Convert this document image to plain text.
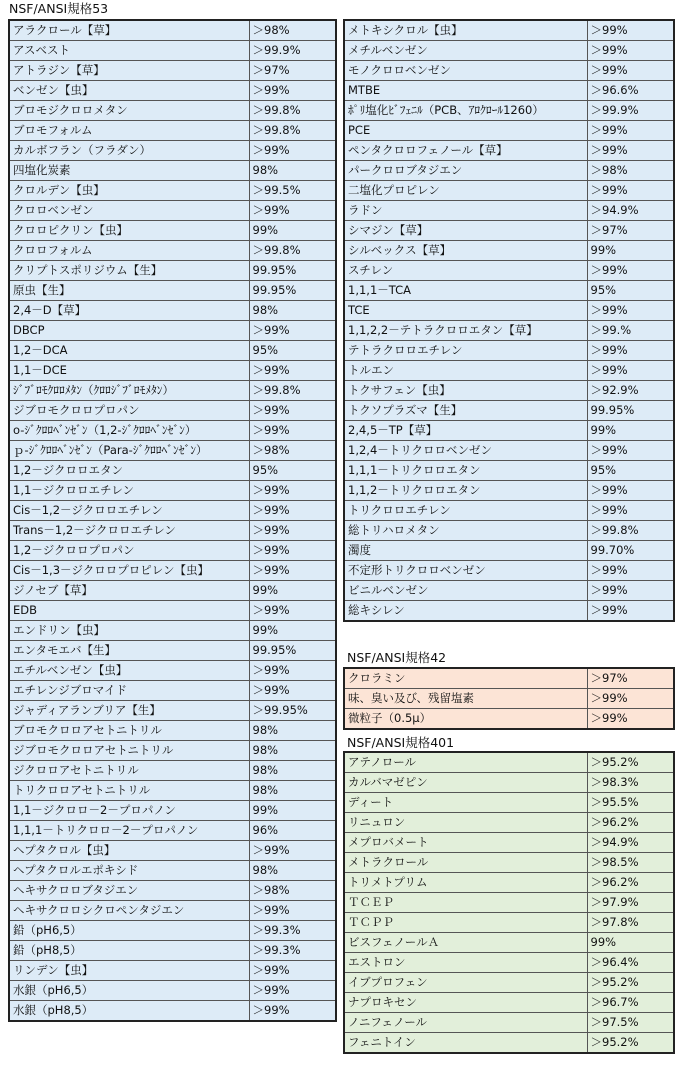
NSF/ANSI規格53
アラクロール【草】	＞98%
アスベスト	＞99.9%
アトラジン【草】	＞97%
ベンゼン【虫】	＞99%
ブロモジクロロメタン	＞99.8%
ブロモフォルム	＞99.8%
カルボフラン（フラダン）	＞99%
四塩化炭素	98%
クロルデン【虫】	＞99.5%
クロロベンゼン	＞99%
クロロピクリン【虫】	99%
クロロフォルム	＞99.8%
クリプトスポリジウム【生】	99.95%
原虫【生】	99.95%
2,4－D【草】	98%
DBCP	＞99%
1,2－DCA	95%
1,1－DCE	＞99%
ｼﾞﾌﾞﾛﾓｸﾛﾛﾒﾀﾝ（ｸﾛﾛｼﾞﾌﾞﾛﾓﾒﾀﾝ）	＞99.8%
ジブロモクロロプロパン	＞99%
o-ｼﾞｸﾛﾛﾍﾞﾝｾﾞﾝ（1,2-ｼﾞｸﾛﾛﾍﾞﾝｾﾞﾝ）	＞99%
ｐ-ｼﾞｸﾛﾛﾍﾞﾝｾﾞﾝ（Para-ｼﾞｸﾛﾛﾍﾞﾝｾﾞﾝ）	＞98%
1,2－ジクロロエタン	95%
1,1－ジクロロエチレン	＞99%
Cis－1,2－ジクロロエチレン	＞99%
Trans－1,2－ジクロロエチレン	＞99%
1,2－ジクロロプロパン	＞99%
Cis－1,3－ジクロロプロピレン【虫】	＞99%
ジノセブ【草】	99%
EDB	＞99%
エンドリン【虫】	99%
エンタモエバ【生】	99.95%
エチルベンゼン【虫】	＞99%
エチレンジブロマイド	＞99%
ジャディアランブリア【生】	＞99.95%
ブロモクロロアセトニトリル	98%
ジブロモクロロアセトニトリル	98%
ジクロロアセトニトリル	98%
トリクロロアセトニトリル	98%
1,1－ジクロロ－2－プロパノン	99%
1,1,1－トリクロロ－2－プロパノン	96%
ヘプタクロル【虫】	＞99%
ヘプタクロルエポキシド	98%
ヘキサクロロブタジエン	＞98%
ヘキサクロロシクロペンタジエン	＞99%
鉛（pH6,5）	＞99.3%
鉛（pH8,5）	＞99.3%
リンデン【虫】	＞99%
水銀（pH6,5）	＞99%
水銀（pH8,5）	＞99%
メトキシクロル【虫】	＞99%
メチルベンゼン	＞99%
モノクロロベンゼン	＞99%
MTBE	＞96.6%
ﾎﾟﾘ塩化ﾋﾞﾌｪﾆﾙ（PCB、ｱﾛｸﾛｰﾙ1260）	＞99.9%
PCE	＞99%
ペンタクロロフェノール【草】	＞99%
パークロロブタジエン	＞98%
二塩化プロピレン	＞99%
ラドン	＞94.9%
シマジン【草】	＞97%
シルベックス【草】	99%
スチレン	＞99%
1,1,1－TCA	95%
TCE	＞99%
1,1,2,2－テトラクロロエタン【草】	＞99.%
テトラクロロエチレン	＞99%
トルエン	＞99%
トクサフェン【虫】	＞92.9%
トクソプラズマ【生】	99.95%
2,4,5－TP【草】	99%
1,2,4－トリクロロベンゼン	＞99%
1,1,1－トリクロロエタン	95%
1,1,2－トリクロロエタン	＞99%
トリクロロエチレン	＞99%
総トリハロメタン	＞99.8%
濁度	99.70%
不定形トリクロロベンゼン	＞99%
ビニルベンゼン	＞99%
総キシレン	＞99%
NSF/ANSI規格42
クロラミン	＞97%
味、臭い及び、残留塩素	＞99%
微粒子（0.5μ）	＞99%
NSF/ANSI規格401
アテノロール	＞95.2%
カルバマゼピン	＞98.3%
ディート	＞95.5%
リニュロン	＞96.2%
メプロバメート	＞94.9%
メトラクロール	＞98.5%
トリメトプリム	＞96.2%
ＴＣＥＰ	＞97.9%
ＴＣＰＰ	＞97.8%
ビスフェノールＡ	99%
エストロン	＞96.4%
イブプロフェン	＞95.2%
ナプロキセン	＞96.7%
ノニフェノール	＞97.5%
フェニトイン	＞95.2%
